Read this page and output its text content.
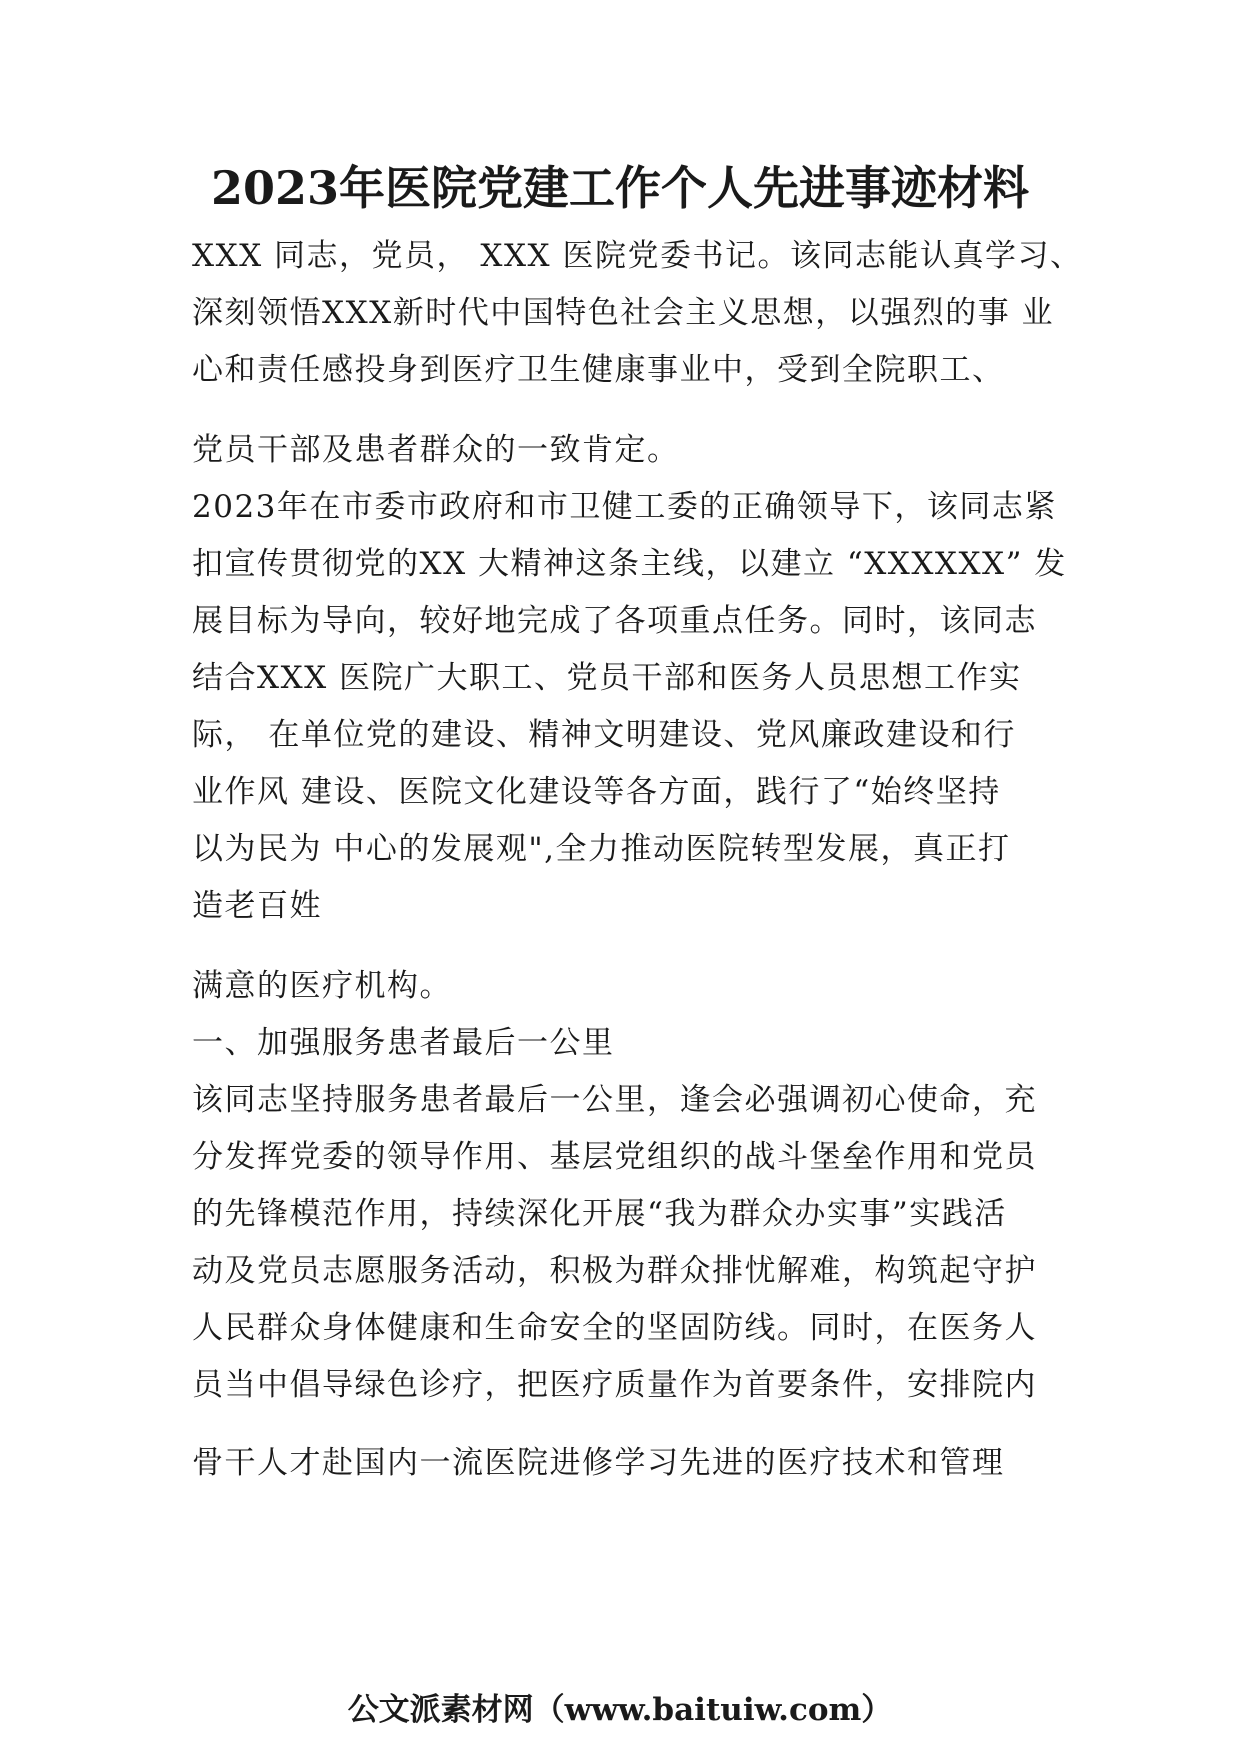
2023年医院党建工作个人先进事迹材料
XXX 同志，党员， XXX 医院党委书记。该同志能认真学习、
深刻领悟XXX新时代中国特色社会主义思想，以强烈的事 业
心和责任感投身到医疗卫生健康事业中，受到全院职工、
党员干部及患者群众的一致肯定。
2023年在市委市政府和市卫健工委的正确领导下，该同志紧
扣宣传贯彻党的XX 大精神这条主线，以建立 “XXXXXX” 发
展目标为导向，较好地完成了各项重点任务。同时，该同志
结合XXX 医院广大职工、党员干部和医务人员思想工作实
际， 在单位党的建设、精神文明建设、党风廉政建设和行
业作风 建设、医院文化建设等各方面，践行了“始终坚持
以为民为 中心的发展观",全力推动医院转型发展，真正打
造老百姓
满意的医疗机构。
一、加强服务患者最后一公里
该同志坚持服务患者最后一公里，逢会必强调初心使命，充
分发挥党委的领导作用、基层党组织的战斗堡垒作用和党员
的先锋模范作用，持续深化开展“我为群众办实事”实践活
动及党员志愿服务活动，积极为群众排忧解难，构筑起守护
人民群众身体健康和生命安全的坚固防线。同时，在医务人
员当中倡导绿色诊疗，把医疗质量作为首要条件，安排院内
骨干人才赴国内一流医院进修学习先进的医疗技术和管理
公文派素材网（www.baituiw.com）
